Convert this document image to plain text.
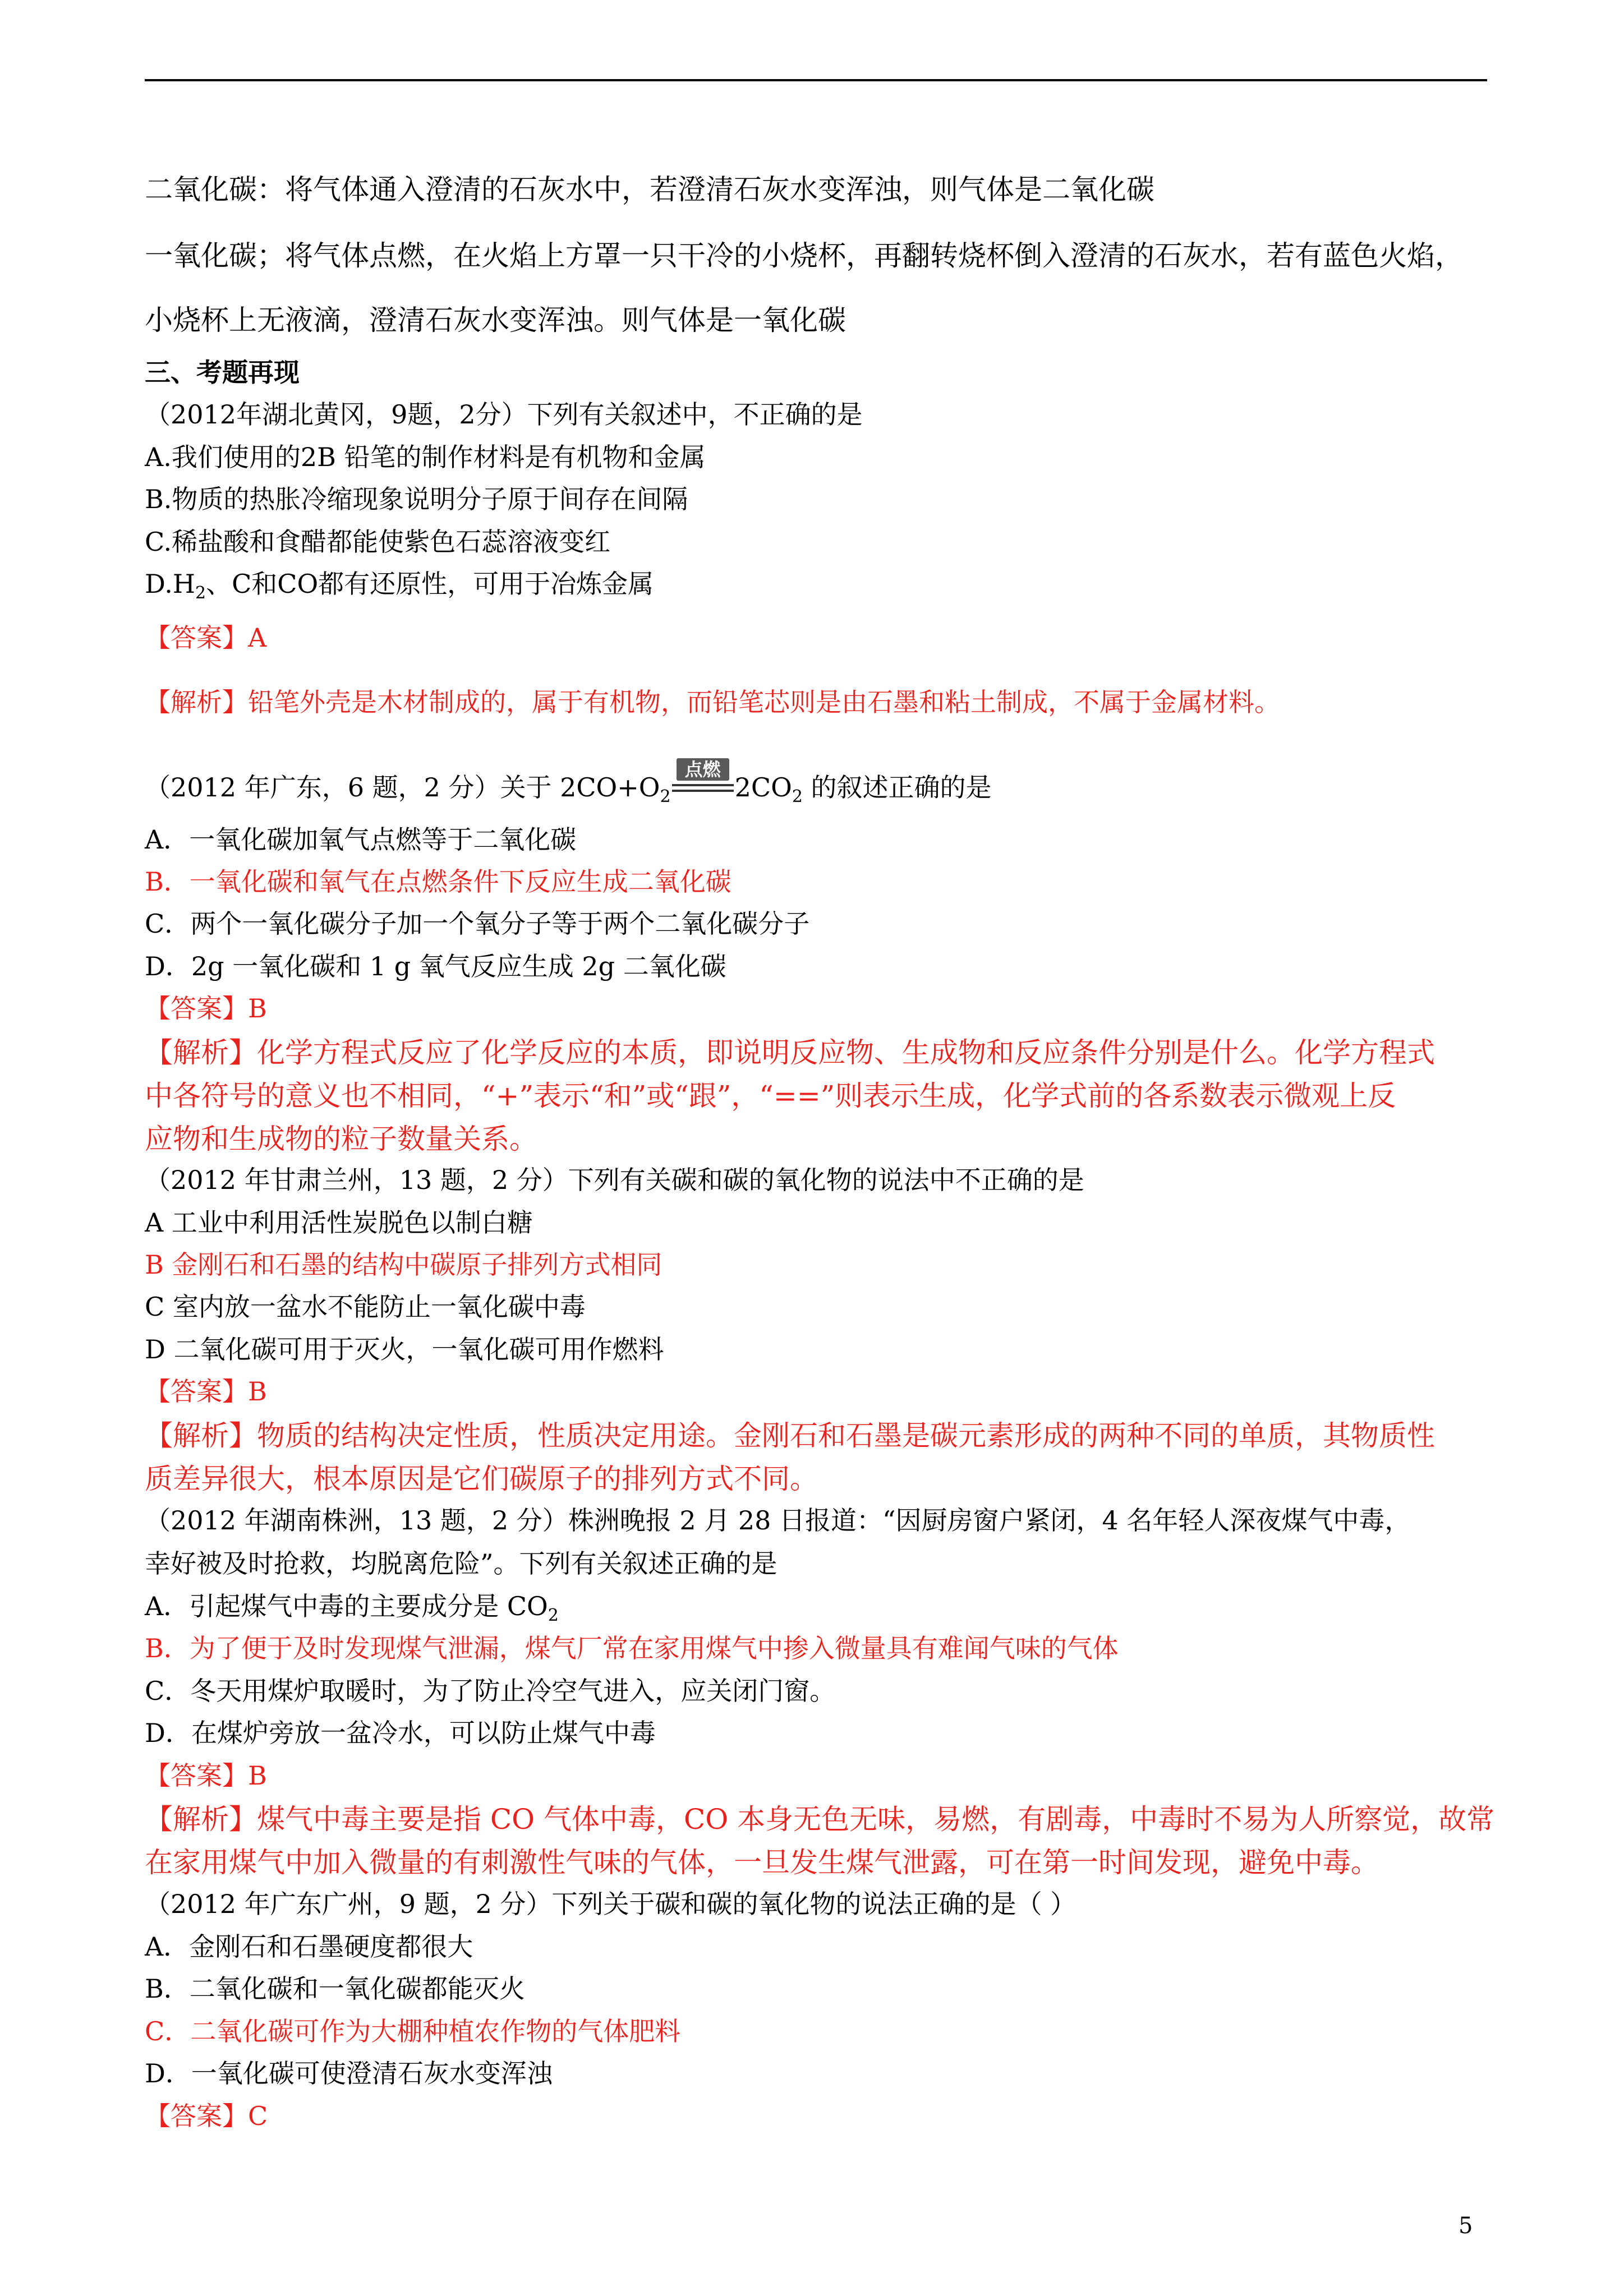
二氧化碳：将气体通入澄清的石灰水中，若澄清石灰水变浑浊，则气体是二氧化碳
一氧化碳；将气体点燃，在火焰上方罩一只干冷的小烧杯，再翻转烧杯倒入澄清的石灰水，若有蓝色火焰，
小烧杯上无液滴，澄清石灰水变浑浊。则气体是一氧化碳
三、考题再现
（2012年湖北黄冈，9题，2分）下列有关叙述中，不正确的是
A.我们使用的2B 铅笔的制作材料是有机物和金属
B.物质的热胀冷缩现象说明分子原于间存在间隔
C.稀盐酸和食醋都能使紫色石蕊溶液变红
$D.H_2$、C和CO都有还原性，可用于冶炼金属
【答案】A
【解析】铅笔外壳是木材制成的，属于有机物，而铅笔芯则是由石墨和粘土制成，不属于金属材料。
（2012 年广东，6 题，2 分）关于 $2CO+O_2$
点燃
$2CO_2$ 的叙述正确的是
A．一氧化碳加氧气点燃等于二氧化碳
B．一氧化碳和氧气在点燃条件下反应生成二氧化碳
C．两个一氧化碳分子加一个氧分子等于两个二氧化碳分子
D．2g 一氧化碳和 1 g 氧气反应生成 2g 二氧化碳
【答案】B
【解析】化学方程式反应了化学反应的本质，即说明反应物、生成物和反应条件分别是什么。化学方程式
中各符号的意义也不相同，“+”表示“和”或“跟”，“==”则表示生成，化学式前的各系数表示微观上反
应物和生成物的粒子数量关系。
（2012 年甘肃兰州，13 题，2 分）下列有关碳和碳的氧化物的说法中不正确的是
A 工业中利用活性炭脱色以制白糖
B 金刚石和石墨的结构中碳原子排列方式相同
C 室内放一盆水不能防止一氧化碳中毒
D 二氧化碳可用于灭火，一氧化碳可用作燃料
【答案】B
【解析】物质的结构决定性质，性质决定用途。金刚石和石墨是碳元素形成的两种不同的单质，其物质性
质差异很大，根本原因是它们碳原子的排列方式不同。
（2012 年湖南株洲，13 题，2 分）株洲晚报 2 月 28 日报道：“因厨房窗户紧闭，4 名年轻人深夜煤气中毒，
幸好被及时抢救，均脱离危险”。下列有关叙述正确的是
A．引起煤气中毒的主要成分是 $CO_2$
B．为了便于及时发现煤气泄漏，煤气厂常在家用煤气中掺入微量具有难闻气味的气体
C．冬天用煤炉取暖时，为了防止冷空气进入，应关闭门窗。
D．在煤炉旁放一盆冷水，可以防止煤气中毒
【答案】B
【解析】煤气中毒主要是指 CO 气体中毒，CO 本身无色无味，易燃，有剧毒，中毒时不易为人所察觉，故常
在家用煤气中加入微量的有刺激性气味的气体，一旦发生煤气泄露，可在第一时间发现，避免中毒。
（2012 年广东广州，9 题，2 分）下列关于碳和碳的氧化物的说法正确的是（ ）
A．金刚石和石墨硬度都很大
B．二氧化碳和一氧化碳都能灭火
C．二氧化碳可作为大棚种植农作物的气体肥料
D．一氧化碳可使澄清石灰水变浑浊
【答案】C
5
